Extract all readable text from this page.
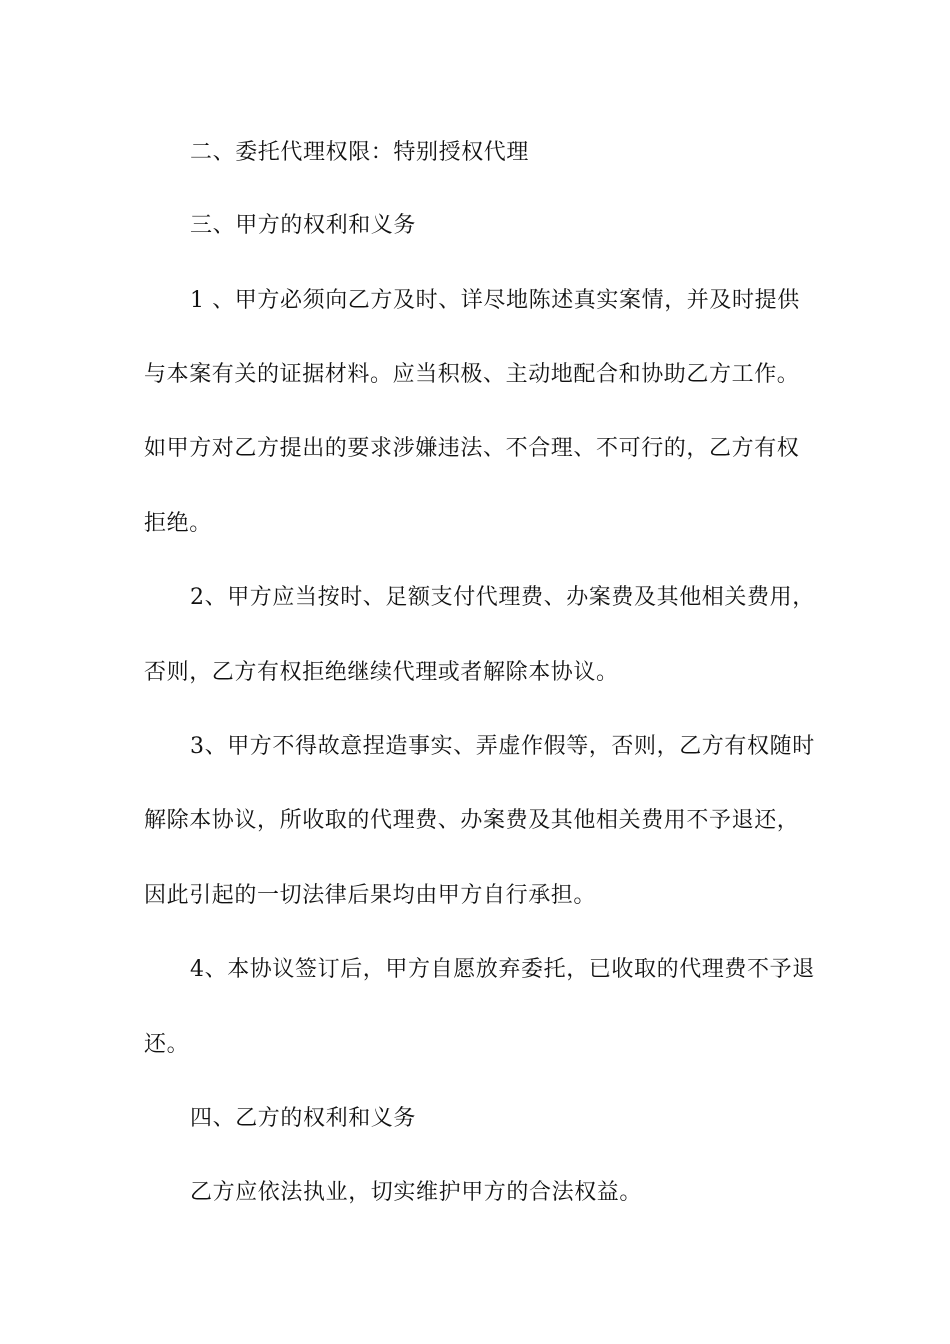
二、委托代理权限：特别授权代理
三、甲方的权利和义务
1 、甲方必须向乙方及时、详尽地陈述真实案情，并及时提供
与本案有关的证据材料。应当积极、主动地配合和协助乙方工作。
如甲方对乙方提出的要求涉嫌违法、不合理、不可行的，乙方有权
拒绝。
2、甲方应当按时、足额支付代理费、办案费及其他相关费用，
否则，乙方有权拒绝继续代理或者解除本协议。
3、甲方不得故意捏造事实、弄虚作假等，否则，乙方有权随时
解除本协议，所收取的代理费、办案费及其他相关费用不予退还，
因此引起的一切法律后果均由甲方自行承担。
4、本协议签订后，甲方自愿放弃委托，已收取的代理费不予退
还。
四、乙方的权利和义务
乙方应依法执业，切实维护甲方的合法权益。
